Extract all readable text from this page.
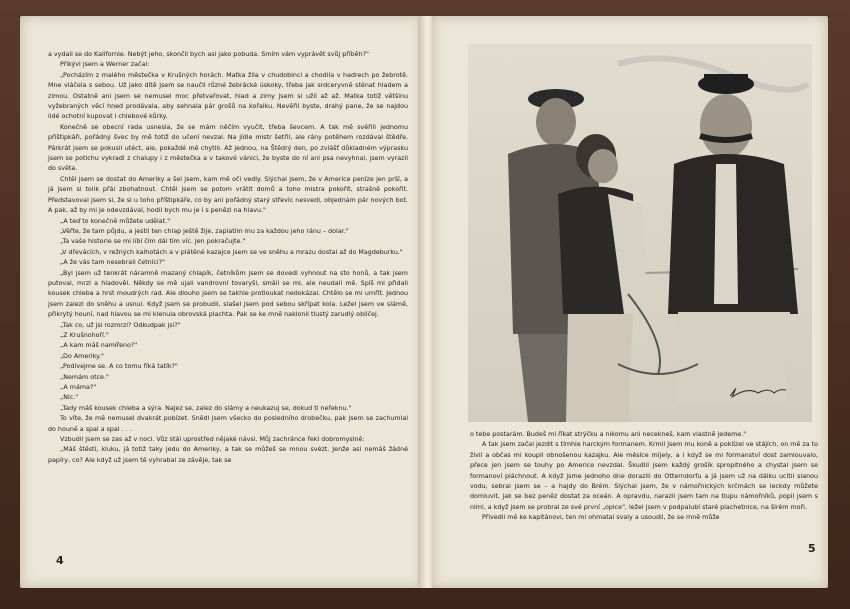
a vydali se do Kalifornie. Nebýt jeho, skončil bych asi jako pobuda. Smím vám vyprávět svůj příběh?"

Přikývl jsem a Werner začal:

„Pocházím z malého městečka v Krušných horách. Matka žila v chudobinci a chodila v hadrech po žebrotě. Mne vláčela s sebou. Už jako dítě jsem se naučil různé žebrácké úskoky, třeba jak srdceryvně sténat hladem a zimou. Ostatně ani jsem se nemusel moc přetvařovat, hlad a zimy jsem si užil až až. Matka totiž většinu vyžebraných věcí hned prodávala, aby sehnala pár grošů na kořalku. Nevěřil byste, drahý pane, že se najdou lidé ochotní kupovat i chlebové kůrky.

Konečně se obecní rada usnesla, že se mám něčím vyučit, třeba ševcem. A tak mě svěřili jednomu příštipkáři, pořádný švec by mě totiž do učení nevzal. Na jídle mistr šetřil, ale rány potěhem rozdával štědře. Párkrát jsem se pokusil utéct, ale, pokaždé mě chytili. Až jednou, na Štědrý den, po zvlášť důkladném výprasku jsem se potichu vykradl z chalupy i z městečka a v takové vánici, že byste do ní ani psa nevyhnal, jsem vyrazil do světa.

Chtěl jsem se dostat do Ameriky a šel jsem, kam mě oči vedly. Slýchal jsem, že v Americe peníze jen prší, a já jsem si tolik přál zbohatnout. Chtěl jsem se potom vrátit domů a toho mistra pokořit, strašně pokořit. Představoval jsem si, že si u toho příštipkáře, co by ani pořádný starý střevíc nesvedl, objednám pár nových bot. A pak, až by mi je odevzdával, hodil bych mu je i s penězi na hlavu."

„A teď to konečně můžete udělat."

„Věřte, že tam půjdu, a jestli ten chlap ještě žije, zaplatím mu za každou jeho ránu – dolar."

„Ta vaše historie se mi líbí čím dál tím víc. Jen pokračujte."

„V dřevácích, v režných kalhotách a v plátěné kazajce jsem se ve sněhu a mrazu dostal až do Magdeburku."

„A že vás tam nesebrali četníci?"

„Byl jsem už tenkrát náramně mazaný chlapík, četníkům jsem se dovedl vyhnout na sto honů, a tak jsem putoval, mrzl a hladověl. Někdy se mě ujali vandrovní tovaryši, smáli se mi, ale neudali mě. Spíš mi přidali kousek chleba a hrst moudrých rad. Ale dlouho jsem se takhle protloukat nedokázal. Chtělo se mi umřít. Jednou jsem zalezl do sněhu a usnul. Když jsem se probudil, slašel jsem pod sebou skřípat kola. Ležel jsem ve slámě, přikrytý houní, nad hlavou se mi klenula obrovská plachta. Pak se ke mně naklonil tlustý zarudlý obličej.

„Tak co, už jsi rozmrzl? Odkudpak jsi?"

„Z Krušnohoří."

„A kam máš namířeno?"

„Do Ameriky."

„Podívejme se. A co tomu říká tatík?"

„Nemám otce."

„A máma?"

„Nic."

„Tady máš kousek chleba a sýra. Najez se, zalez do slámy a neukazuj se, dokud ti neřeknu."

To víte, že mě nemusel dvakrát pobízet. Snědl jsem všecko do posledního drobečku, pak jsem se zachumlal do houně a spal a spal . . .

Vzbudil jsem se zas až v noci. Vůz stál uprostřed nějaké návsi. Můj zachránce řekl dobromyslně:

„Máš štěstí, kluku, já totiž taky jedu do Ameriky, a tak se můžeš se mnou svézt. Jenže asi nemáš žádné papíry, co? Ale když už jsem tě vyhrabal ze závěje, tak se

4

o tebe postarám. Budeš mi říkat strýčku a nikomu ani necekneš, kam vlastně jedeme."

A tak jsem začal jezdit s tímhle harckým formanem. Krmil jsem mu koně a poklízel ve stájích, on mě za to živil a občas mi koupil obnošenou kazajku. Ale měsíce míjely, a i když se mi formanství dost zamlouvalo, přece jen jsem se touhy po Americe nevzdal. Škudlil jsem každý grošík spropitného a chystal jsem se formanoví pláchnout. A když jsme jednoho dne dorazili do Otterndorfu a já jsem už na dálku ucítil slanou vodu, sebral jsem se – a hajdy do Brém. Slýchal jsem, že v námořnických krčmách se leckdy můžete domluvit, jak se bez peněz dostat za oceán. A opravdu, narazil jsem tam na tlupu námořníků, popil jsem s nimi, a když jsem se probral ze své první „opice", ležel jsem v podpalubí staré plachetnice, na širém moři.

Přivedli mě ke kapitánovi, ten mi ohmatal svaly a usoudil, že se mně může

5
